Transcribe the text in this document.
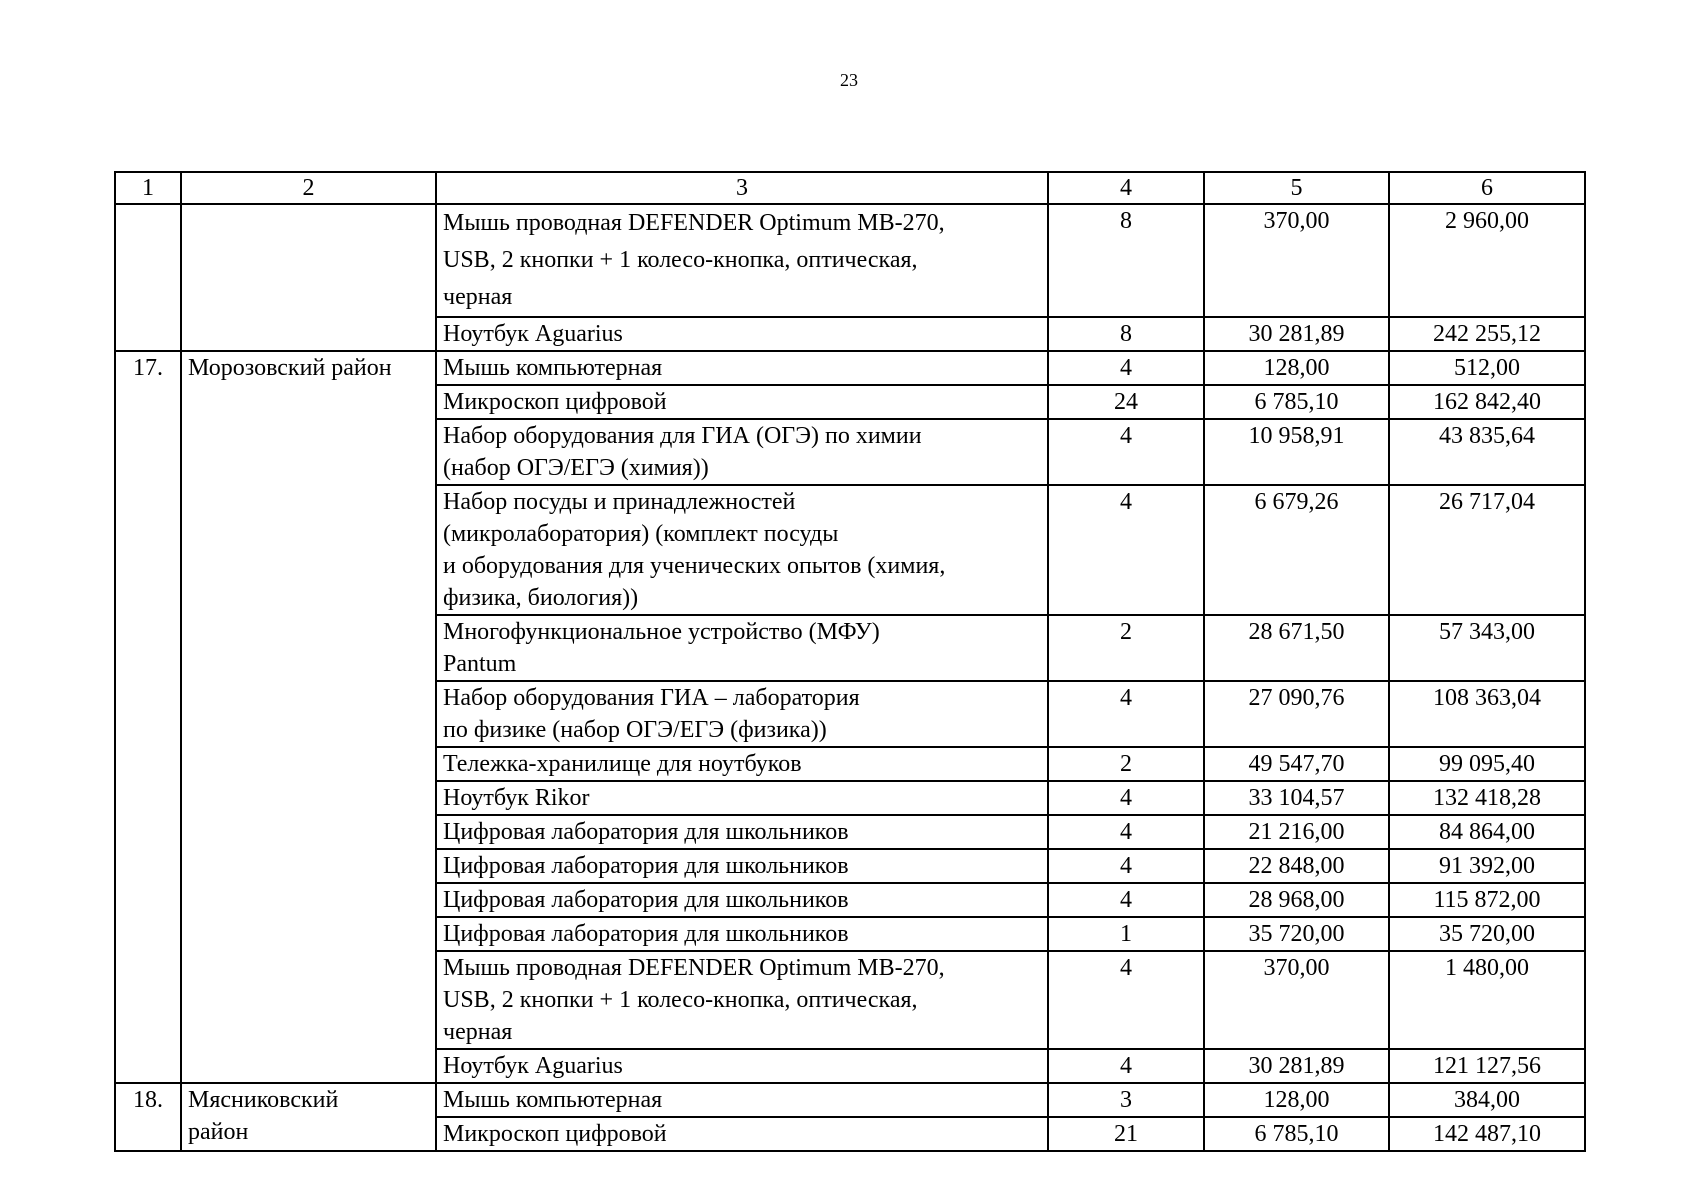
23
1	2	3	4	5	6
		Мышь проводная DEFENDER Optimum MB-270,
USB, 2 кнопки + 1 колесо-кнопка, оптическая,
черная	8	370,00	2 960,00
		Ноутбук Aguarius	8	30 281,89	242 255,12
17.	Морозовский район	Мышь компьютерная	4	128,00	512,00
		Микроскоп цифровой	24	6 785,10	162 842,40
		Набор оборудования для ГИА (ОГЭ) по химии
(набор ОГЭ/ЕГЭ (химия))	4	10 958,91	43 835,64
		Набор посуды и принадлежностей
(микролаборатория) (комплект посуды
и оборудования для ученических опытов (химия,
физика, биология))	4	6 679,26	26 717,04
		Многофункциональное устройство (МФУ)
Pantum	2	28 671,50	57 343,00
		Набор оборудования ГИА – лаборатория
по физике (набор ОГЭ/ЕГЭ (физика))	4	27 090,76	108 363,04
		Тележка-хранилище для ноутбуков	2	49 547,70	99 095,40
		Ноутбук Rikor	4	33 104,57	132 418,28
		Цифровая лаборатория для школьников	4	21 216,00	84 864,00
		Цифровая лаборатория для школьников	4	22 848,00	91 392,00
		Цифровая лаборатория для школьников	4	28 968,00	115 872,00
		Цифровая лаборатория для школьников	1	35 720,00	35 720,00
		Мышь проводная DEFENDER Optimum MB-270,
USB, 2 кнопки + 1 колесо-кнопка, оптическая,
черная	4	370,00	1 480,00
		Ноутбук Aguarius	4	30 281,89	121 127,56
18.	Мясниковский
район	Мышь компьютерная	3	128,00	384,00
		Микроскоп цифровой	21	6 785,10	142 487,10
